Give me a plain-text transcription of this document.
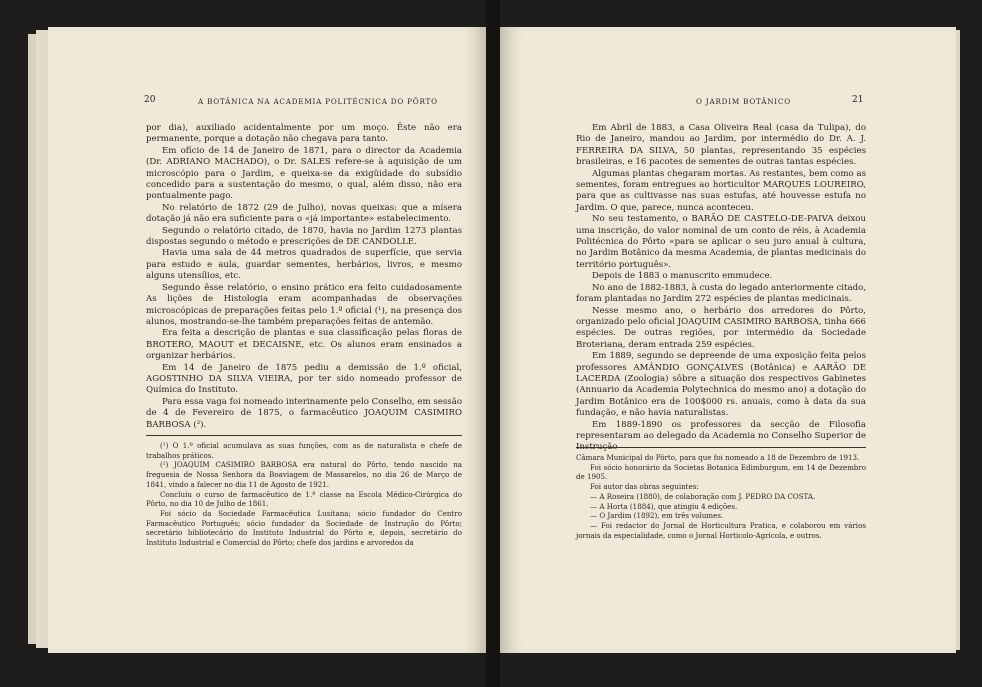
20	A BOTÂNICA NA ACADEMIA POLITÉCNICA DO PÔRTO

por dia), auxiliado acidentalmente por um moço. Êste não era permanente, porque a dotação não chegava para tanto.

Em ofício de 14 de Janeiro de 1871, para o director da Academia (Dr. ADRIANO MACHADO), o Dr. SALES refere-se à aquisição de um microscópio para o Jardim, e queixa-se da exigüidade do subsídio concedido para a sustentação do mesmo, o qual, além disso, não era pontualmente pago.

No relatório de 1872 (29 de Julho), novas queixas: que a mísera dotação já não era suficiente para o «já importante» estabelecimento.

Segundo o relatório citado, de 1870, havia no Jardim 1273 plantas dispostas segundo o método e prescrições de DE CANDOLLE.

Havia uma sala de 44 metros quadrados de superfície, que servia para estudo e aula, guardar sementes, herbários, livros, e mesmo alguns utensílios, etc.

Segundo êsse relatório, o ensino prático era feito cuidadosamente As lições de Histologia eram acompanhadas de observações microscópicas de preparações feitas pelo 1.º oficial (¹), na presença dos alunos, mostrando-se-lhe também preparações feitas de antemão.

Era feita a descrição de plantas e sua classificação pelas floras de BROTERO, MAOUT et DECAISNE, etc. Os alunos eram ensinados a organizar herbários.

Em 14 de Janeiro de 1875 pediu a demissão de 1.º oficial, AGOSTINHO DA SILVA VIEIRA, por ter sido nomeado professor de Química do Instituto.

Para essa vaga foi nomeado interinamente pelo Conselho, em sessão de 4 de Fevereiro de 1875, o farmacêutico JOAQUIM CASIMIRO BARBOSA (²).

(¹) O 1.º oficial acumulava as suas funções, com as de naturalista e chefe de trabalhos práticos.

(²) JOAQUIM CASIMIRO BARBOSA era natural do Pôrto, tendo nascido na freguesia de Nossa Senhora da Boaviagem de Massarelos, no dia 26 de Março de 1841, vindo a falecer no dia 11 de Agosto de 1921.

Concluiu o curso de farmacêutico de 1.ª classe na Escola Médico-Cirúrgica do Pôrto, no dia 10 de Julho de 1861.

Foi sócio da Sociedade Farmacêutica Lusitana; sócio fundador do Centro Farmacêutico Português; sócio fundador da Sociedade de Instrução do Pôrto; secretário bibliotecário do Instituto Industrial do Pôrto e, depois, secretário do Instituto Industrial e Comercial do Pôrto; chefe dos jardins e arvoredos da

O JARDIM BOTÂNICO	21

Em Abril de 1883, a Casa Oliveira Real (casa da Tulipa), do Rio de Janeiro, mandou ao Jardim, por intermédio do Dr. A. J. FERREIRA DA SILVA, 50 plantas, representando 35 espécies brasileiras, e 16 pacotes de sementes de outras tantas espécies.

Algumas plantas chegaram mortas. As restantes, bem como as sementes, foram entregues ao horticultor MARQUES LOUREIRO, para que as cultivasse nas suas estufas, até houvesse estufa no Jardim. O que, parece, nunca aconteceu.

No seu testamento, o BARÃO DE CASTELO-DE-PAIVA deixou uma inscrição, do valor nominal de um conto de réis, à Academia Politécnica do Pôrto «para se aplicar o seu juro anual à cultura, no Jardim Botânico da mesma Academia, de plantas medicinais do território português».

Depois de 1883 o manuscrito emmudece.

No ano de 1882-1883, à custa do legado anteriormente citado, foram plantadas no Jardim 272 espécies de plantas medicinais.

Nesse mesmo ano, o herbário dos arredores do Pôrto, organizado pelo oficial JOAQUIM CASIMIRO BARBOSA, tinha 666 espécies. De outras regiões, por intermédio da Sociedade Broteriana, deram entrada 259 espécies.

Em 1889, segundo se depreende de uma exposição feita pelos professores AMÂNDIO GONÇALVES (Botânica) e AARÃO DE LACERDA (Zoologia) sôbre a situação dos respectivos Gabinetes (Annuario da Academia Polytechnica do mesmo ano) a dotação do Jardim Botânico era de 100$000 rs. anuais, como à data da sua fundação, e não havia naturalistas.

Em 1889-1890 os professores da secção de Filosofia representaram ao delegado da Academia no Conselho Superior de Instrução

Câmara Municipal do Pôrto, para que foi nomeado a 18 de Dezembro de 1913.

Foi sócio honorário da Societas Botanica Edimburgum, em 14 de Dezembro de 1905.

Foi autor das obras seguintes:

— A Roseira (1880), de colaboração com J. PEDRO DA COSTA.

— A Horta (1884), que atingiu 4 edições.

— O Jardim (1892), em três volumes.

— Foi redactor do Jornal de Horticultura Pratica, e colaborou em vários jornais da especialidade, como o Jornal Horticolo-Agricola, e outros.
